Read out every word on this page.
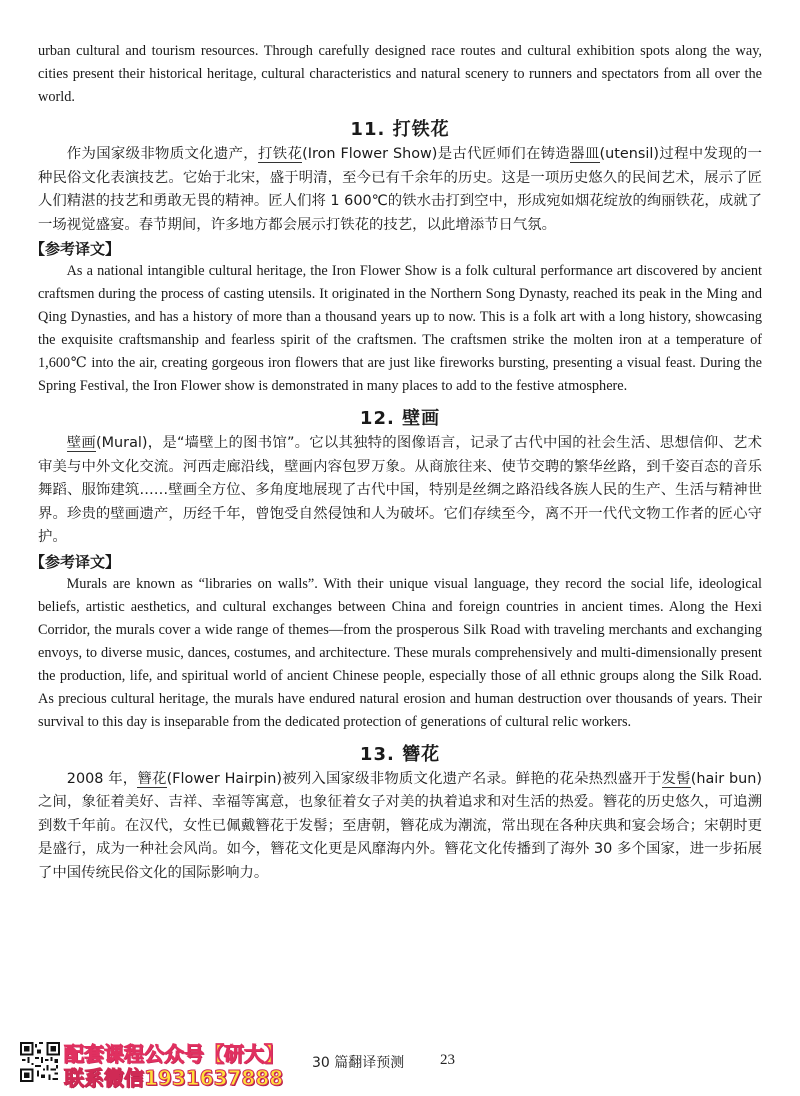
urban cultural and tourism resources. Through carefully designed race routes and cultural exhibition spots along the way, cities present their historical heritage, cultural characteristics and natural scenery to runners and spectators from all over the world.

11. 打铁花

作为国家级非物质文化遗产，打铁花(Iron Flower Show)是古代匠师们在铸造器皿(utensil)过程中发现的一种民俗文化表演技艺。它始于北宋，盛于明清，至今已有千余年的历史。这是一项历史悠久的民间艺术，展示了匠人们精湛的技艺和勇敢无畏的精神。匠人们将 1 600℃的铁水击打到空中，形成宛如烟花绽放的绚丽铁花，成就了一场视觉盛宴。春节期间，许多地方都会展示打铁花的技艺，以此增添节日气氛。

【参考译文】

As a national intangible cultural heritage, the Iron Flower Show is a folk cultural performance art discovered by ancient craftsmen during the process of casting utensils. It originated in the Northern Song Dynasty, reached its peak in the Ming and Qing Dynasties, and has a history of more than a thousand years up to now. This is a folk art with a long history, showcasing the exquisite craftsmanship and fearless spirit of the craftsmen. The craftsmen strike the molten iron at a temperature of 1,600℃ into the air, creating gorgeous iron flowers that are just like fireworks bursting, presenting a visual feast. During the Spring Festival, the Iron Flower show is demonstrated in many places to add to the festive atmosphere.

12. 壁画

壁画(Mural)，是“墙壁上的图书馆”。它以其独特的图像语言，记录了古代中国的社会生活、思想信仰、艺术审美与中外文化交流。河西走廊沿线，壁画内容包罗万象。从商旅往来、使节交聘的繁华丝路，到千姿百态的音乐舞蹈、服饰建筑……壁画全方位、多角度地展现了古代中国，特别是丝绸之路沿线各族人民的生产、生活与精神世界。珍贵的壁画遗产，历经千年，曾饱受自然侵蚀和人为破坏。它们存续至今，离不开一代代文物工作者的匠心守护。

【参考译文】

Murals are known as “libraries on walls”. With their unique visual language, they record the social life, ideological beliefs, artistic aesthetics, and cultural exchanges between China and foreign countries in ancient times. Along the Hexi Corridor, the murals cover a wide range of themes—from the prosperous Silk Road with traveling merchants and exchanging envoys, to diverse music, dances, costumes, and architecture. These murals comprehensively and multi-dimensionally present the production, life, and spiritual world of ancient Chinese people, especially those of all ethnic groups along the Silk Road. As precious cultural heritage, the murals have endured natural erosion and human destruction over thousands of years. Their survival to this day is inseparable from the dedicated protection of generations of cultural relic workers.

13. 簪花

2008 年，簪花(Flower Hairpin)被列入国家级非物质文化遗产名录。鲜艳的花朵热烈盛开于发髻(hair bun)之间，象征着美好、吉祥、幸福等寓意，也象征着女子对美的执着追求和对生活的热爱。簪花的历史悠久，可追溯到数千年前。在汉代，女性已佩戴簪花于发髻；至唐朝，簪花成为潮流，常出现在各种庆典和宴会场合；宋朝时更是盛行，成为一种社会风尚。如今，簪花文化更是风靡海内外。簪花文化传播到了海外 30 多个国家，进一步拓展了中国传统民俗文化的国际影响力。

配套课程公众号【研大】
联系微信1931637888
30 篇翻译预测 23
